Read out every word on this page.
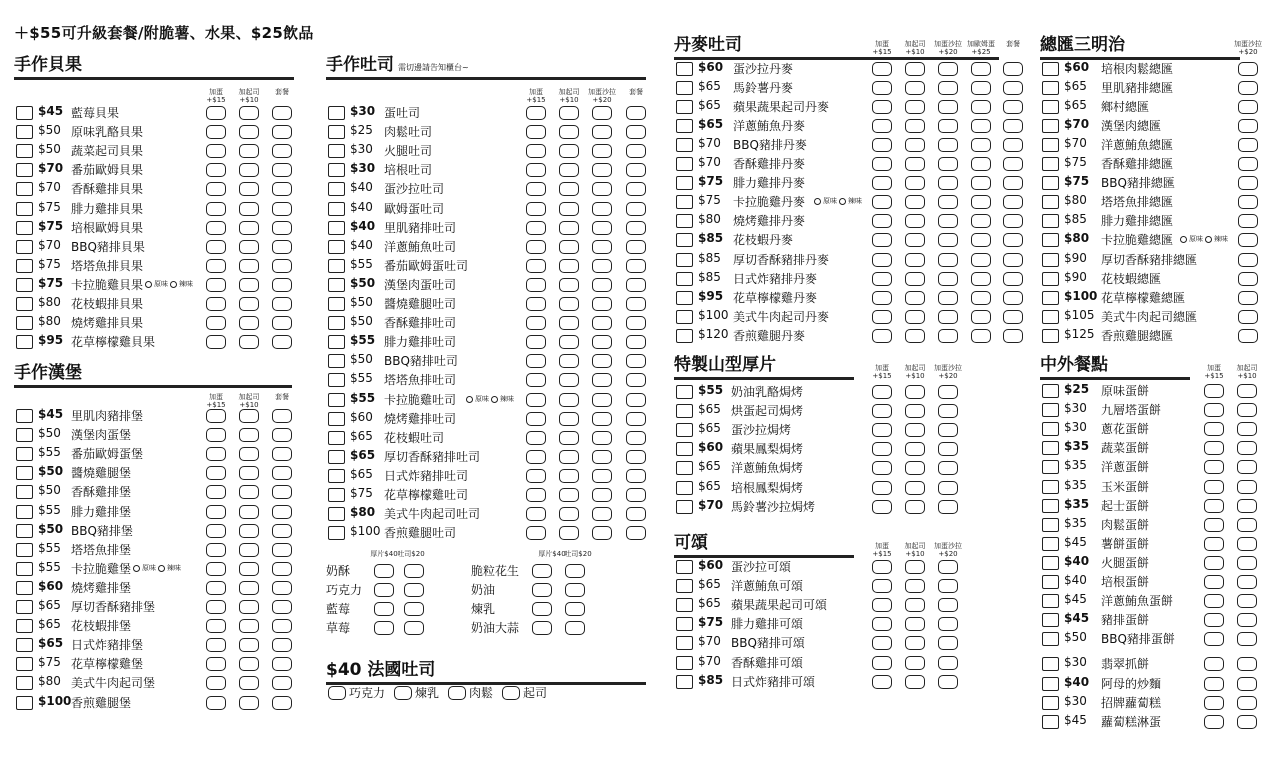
＋$55可升級套餐/附脆薯、水果、$25飲品
手作貝果
加蛋 +$15
加起司 +$10
套餐
$45 藍莓貝果
$50 原味乳酪貝果
$50 蔬菜起司貝果
$70 番茄歐姆貝果
$70 香酥雞排貝果
$75 腓力雞排貝果
$75 培根歐姆貝果
$70 BBQ豬排貝果
$75 塔塔魚排貝果
$75 卡拉脆雞貝果 原味 辣味
$80 花枝蝦排貝果
$80 燒烤雞排貝果
$95 花草檸檬雞貝果
手作漢堡
加蛋 +$15
加起司 +$10
套餐
$45 里肌肉豬排堡
$50 漢堡肉蛋堡
$55 番茄歐姆蛋堡
$50 醬燒雞腿堡
$50 香酥雞排堡
$55 腓力雞排堡
$50 BBQ豬排堡
$55 塔塔魚排堡
$55 卡拉脆雞堡 原味 辣味
$60 燒烤雞排堡
$65 厚切香酥豬排堡
$65 花枝蝦排堡
$65 日式炸豬排堡
$75 花草檸檬雞堡
$80 美式牛肉起司堡
$100 香煎雞腿堡
手作吐司 需切邊請告知櫃台~
加蛋 +$15
加起司 +$10
加蛋沙拉 +$20
套餐
$30 蛋吐司
$25 肉鬆吐司
$30 火腿吐司
$30 培根吐司
$40 蛋沙拉吐司
$40 歐姆蛋吐司
$40 里肌豬排吐司
$40 洋蔥鮪魚吐司
$55 番茄歐姆蛋吐司
$50 漢堡肉蛋吐司
$50 醬燒雞腿吐司
$50 香酥雞排吐司
$55 腓力雞排吐司
$50 BBQ豬排吐司
$55 塔塔魚排吐司
$55 卡拉脆雞吐司	原味 辣味
$60 燒烤雞排吐司
$65 花枝蝦吐司
$65 厚切香酥豬排吐司
$65 日式炸豬排吐司
$75 花草檸檬雞吐司
$80 美式牛肉起司吐司
$100 香煎雞腿吐司
丹麥吐司	加蛋 +$15
加起司 +$10
加蛋沙拉 +$20
加歐姆蛋 +$25
套餐
$60 蛋沙拉丹麥
$65 馬鈴薯丹麥
$65 蘋果蔬果起司丹麥
$65 洋蔥鮪魚丹麥
$70 BBQ豬排丹麥
$70 香酥雞排丹麥
$75 腓力雞排丹麥
$75 卡拉脆雞丹麥	原味 辣味
$80 燒烤雞排丹麥
$85 花枝蝦丹麥
$85 厚切香酥豬排丹麥
$85 日式炸豬排丹麥
$95 花草檸檬雞丹麥
$100 美式牛肉起司丹麥
$120 香煎雞腿丹麥
特製山型厚片	加蛋 +$15
加起司 +$10
加蛋沙拉 +$20
$55 奶油乳酪焗烤
$65 烘蛋起司焗烤
$65 蛋沙拉焗烤
$60 蘋果鳳梨焗烤
$65 洋蔥鮪魚焗烤
$65 培根鳳梨焗烤
$70 馬鈴薯沙拉焗烤
可頌	加蛋 +$15
加起司 +$10
加蛋沙拉 +$20
$60 蛋沙拉可頌
$65 洋蔥鮪魚可頌
$65 蘋果蔬果起司可頌
$75 腓力雞排可頌
$70 BBQ豬排可頌
$70 香酥雞排可頌
$85 日式炸豬排可頌
總匯三明治	加蛋沙拉 +$20
$60 培根肉鬆總匯
$65 里肌豬排總匯
$65 鄉村總匯
$70 漢堡肉總匯
$70 洋蔥鮪魚總匯
$75 香酥雞排總匯
$75 BBQ豬排總匯
$80 塔塔魚排總匯
$85 腓力雞排總匯
$80 卡拉脆雞總匯 原味 辣味
$90 厚切香酥豬排總匯
$90 花枝蝦總匯
$100 花草檸檬雞總匯
$105 美式牛肉起司總匯
$125 香煎雞腿總匯
中外餐點	加蛋 +$15
加起司 +$10
$25 原味蛋餅
$30 九層塔蛋餅
$30 蔥花蛋餅
$35 蔬菜蛋餅
$35 洋蔥蛋餅
$35 玉米蛋餅
$35 起士蛋餅
$35 肉鬆蛋餅
$45 薯餅蛋餅
$40 火腿蛋餅
$40 培根蛋餅
$45 洋蔥鮪魚蛋餅
$45 豬排蛋餅
$50 BBQ豬排蛋餅
$30 翡翠抓餅
$40 阿母的炒麵
$30 招牌蘿蔔糕
$45 蘿蔔糕淋蛋
厚片$40 吐司$20	厚片$40
吐司$20
奶酥
巧克力
藍莓
草莓
脆粒花生
奶油
煉乳
奶油大蒜
$40 法國吐司
巧克力 煉乳 肉鬆 起司
